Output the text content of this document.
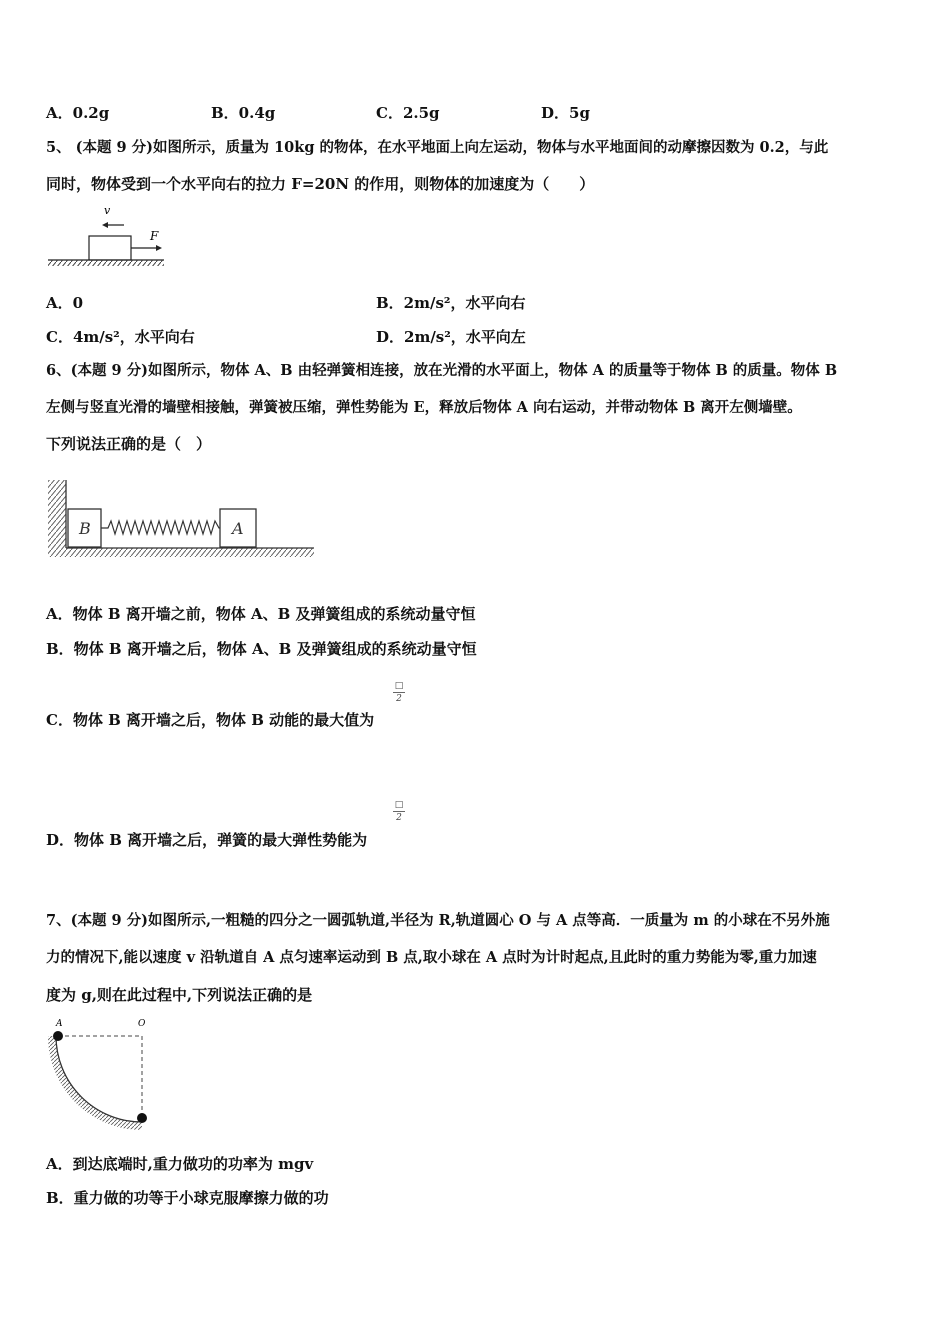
A．0.2g	B．0.4g	C．2.5g	D．5g
5、 (本题 9 分)如图所示，质量为 10kg 的物体，在水平地面上向左运动，物体与水平地面间的动摩擦因数为 0.2，与此
同时，物体受到一个水平向右的拉力 F=20N 的作用，则物体的加速度为（　　）
v
F
A．0	B．2m/s²，水平向右
C．4m/s²，水平向右	D．2m/s²，水平向左
6、(本题 9 分)如图所示，物体 A、B 由轻弹簧相连接，放在光滑的水平面上，物体 A 的质量等于物体 B 的质量。物体 B
左侧与竖直光滑的墙壁相接触，弹簧被压缩，弹性势能为 E，释放后物体 A 向右运动，并带动物体 B 离开左侧墙壁。
下列说法正确的是（　）
B	A
A．物体 B 离开墙之前，物体 A、B 及弹簧组成的系统动量守恒
B．物体 B 离开墙之后，物体 A、B 及弹簧组成的系统动量守恒
□
2
C．物体 B 离开墙之后，物体 B 动能的最大值为
□
2
D．物体 B 离开墙之后，弹簧的最大弹性势能为
7、(本题 9 分)如图所示,一粗糙的四分之一圆弧轨道,半径为 R,轨道圆心 O 与 A 点等高．一质量为 m 的小球在不另外施
力的情况下,能以速度 v 沿轨道自 A 点匀速率运动到 B 点,取小球在 A 点时为计时起点,且此时的重力势能为零,重力加速
度为 g,则在此过程中,下列说法正确的是
A	O
A．到达底端时,重力做功的功率为 mgv
B．重力做的功等于小球克服摩擦力做的功
